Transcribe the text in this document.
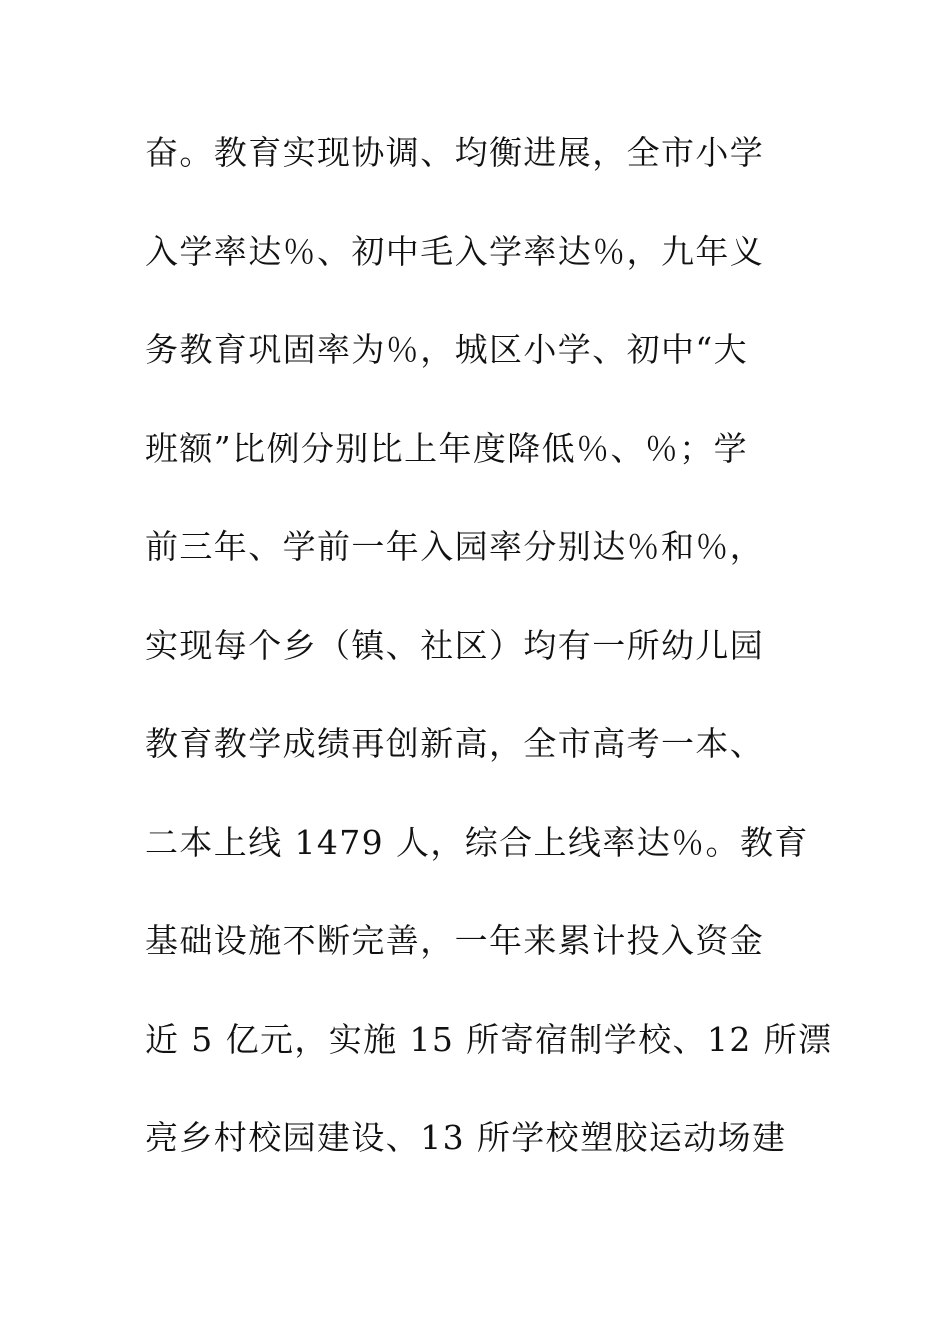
奋。教育实现协调、均衡进展，全市小学
入学率达％、初中毛入学率达％，九年义
务教育巩固率为％，城区小学、初中“大
班额”比例分别比上年度降低％、％；学
前三年、学前一年入园率分别达％和％，
实现每个乡（镇、社区）均有一所幼儿园
教育教学成绩再创新高，全市高考一本、
二本上线 1479 人，综合上线率达％。教育
基础设施不断完善，一年来累计投入资金
近 5 亿元，实施 15 所寄宿制学校、12 所漂
亮乡村校园建设、13 所学校塑胶运动场建
